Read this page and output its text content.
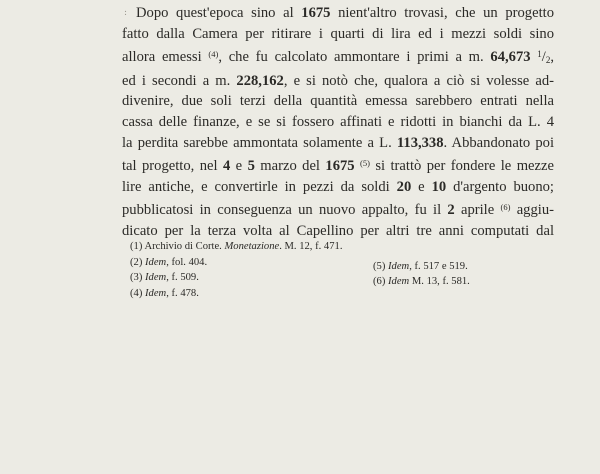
: Dopo quest'epoca sino al 1675 nient'altro trovasi, che un progetto
fatto dalla Camera per ritirare i quarti di lira ed i mezzi soldi sino
allora emessi $^{(4)}$, che fu calcolato ammontare i primi a m. 64,673 $^1$/2,
ed i secondi a m. 228,162, e si notò che, qualora a ciò si volesse ad-
divenire, due soli terzi della quantità emessa sarebbero entrati nella
cassa delle finanze, e se si fossero affinati e ridotti in bianchi da L. 4
la perdita sarebbe ammontata solamente a L. 113,338. Abbandonato poi
tal progetto, nel 4 e 5 marzo del 1675 $^{(5)}$ si trattò per fondere le mezze
lire antiche, e convertirle in pezzi da soldi 20 e 10 d'argento buono;
pubblicatosi in conseguenza un nuovo appalto, fu il 2 aprile $^{(6)}$ aggiu-
dicato per la terza volta al Capellino per altri tre anni computati dal
(1) Archivio di Corte. Monetazione. M. 12, f. 471.
(2) Idem, fol. 404.
(3) Idem, f. 509.
(4) Idem, f. 478.
(5) Idem, f. 517 e 519.
(6) Idem M. 13, f. 581.
